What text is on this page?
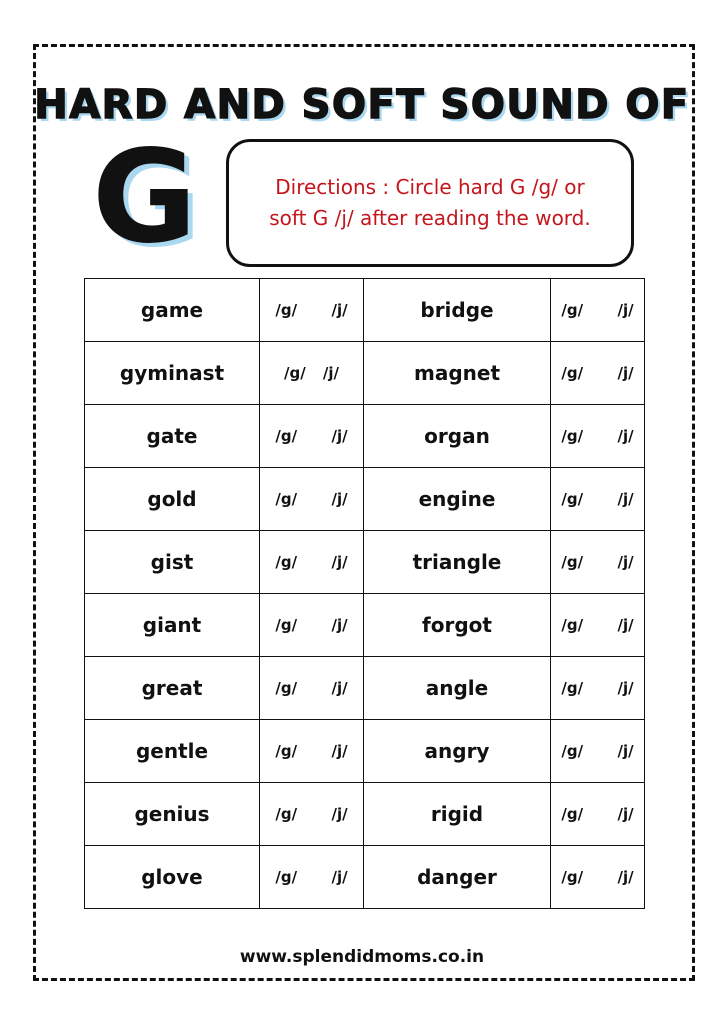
HARD AND SOFT SOUND OF
G	Directions : Circle hard G /g/ or soft G /j/ after reading the word.
game	/g/  /j/	bridge	/g/  /j/
gyminast	/g/ /j/	magnet	/g/  /j/
gate	/g/  /j/	organ	/g/  /j/
gold	/g/  /j/	engine	/g/  /j/
gist	/g/  /j/	triangle	/g/  /j/
giant	/g/  /j/	forgot	/g/  /j/
great	/g/  /j/	angle	/g/  /j/
gentle	/g/  /j/	angry	/g/  /j/
genius	/g/  /j/	rigid	/g/  /j/
glove	/g/  /j/	danger	/g/  /j/
www.splendidmoms.co.in
